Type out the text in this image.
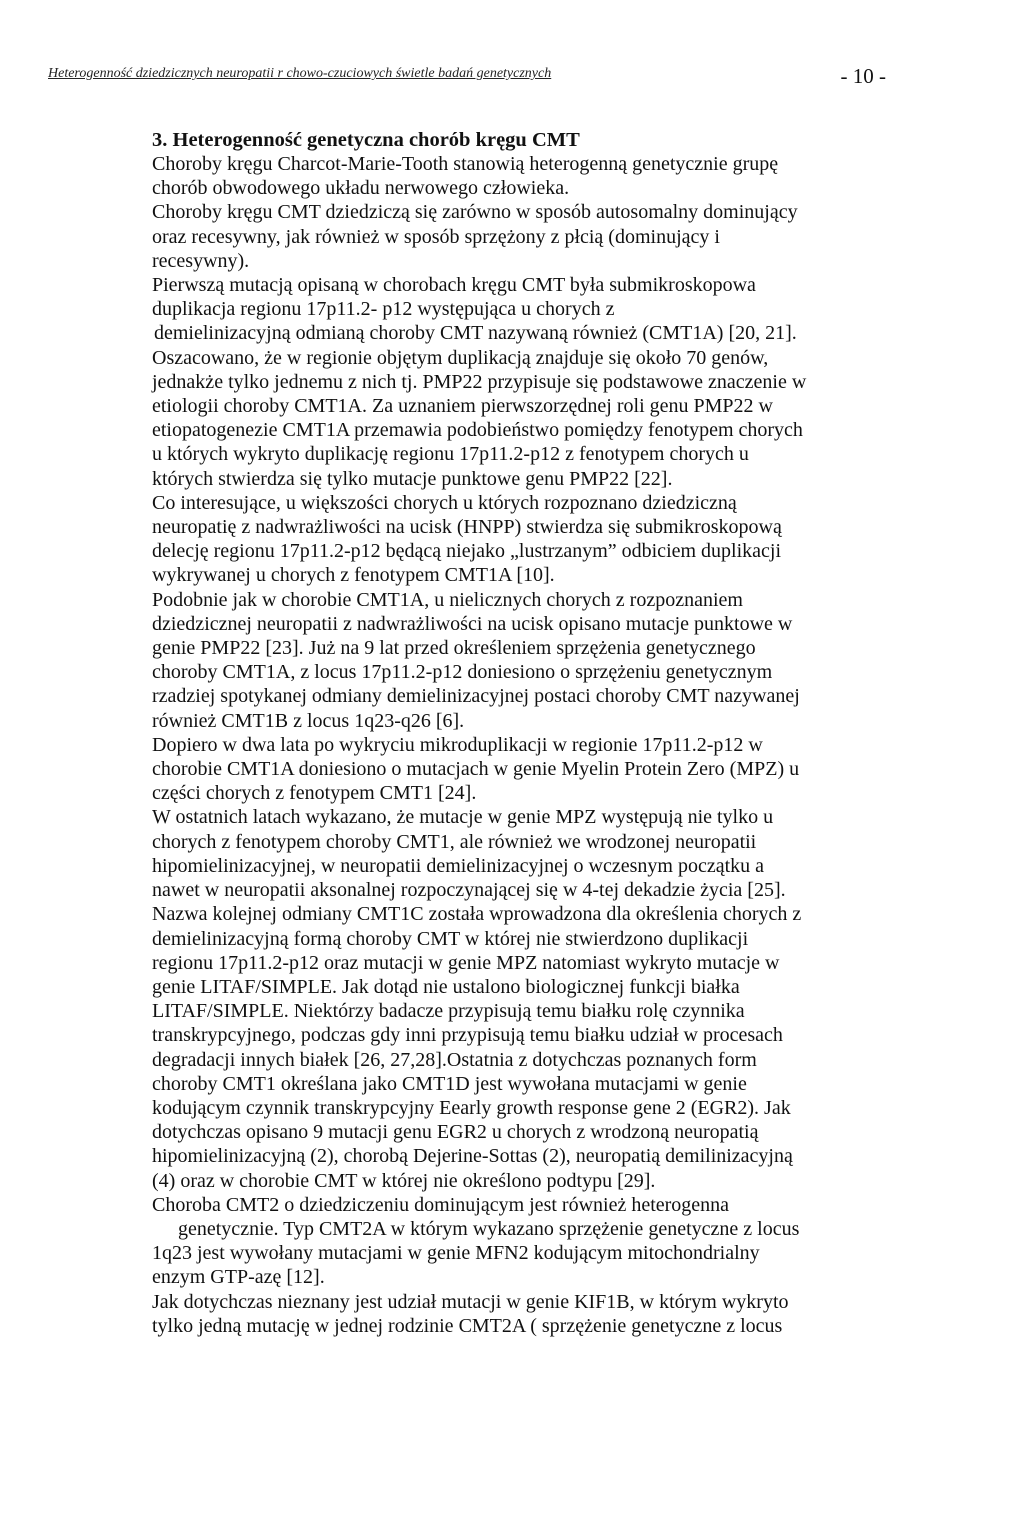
Heterogenność dziedzicznych neuropatii r chowo-czuciowych świetle badań genetycznych	- 10 -

3. Heterogenność genetyczna chorób kręgu CMT

Choroby kręgu Charcot-Marie-Tooth stanowią heterogenną genetycznie grupę

chorób obwodowego układu nerwowego człowieka.

Choroby kręgu CMT dziedziczą się zarówno w sposób autosomalny dominujący

oraz recesywny, jak również w sposób sprzężony z płcią (dominujący i

recesywny).

Pierwszą mutacją opisaną w chorobach kręgu CMT była submikroskopowa

duplikacja regionu 17p11.2- p12 występująca u chorych z

demielinizacyjną odmianą choroby CMT nazywaną również (CMT1A) [20, 21].

Oszacowano, że w regionie objętym duplikacją znajduje się około 70 genów,

jednakże tylko jednemu z nich tj. PMP22 przypisuje się podstawowe znaczenie w

etiologii choroby CMT1A. Za uznaniem pierwszorzędnej roli genu PMP22 w

etiopatogenezie CMT1A przemawia podobieństwo pomiędzy fenotypem chorych

u których wykryto duplikację regionu 17p11.2-p12 z fenotypem chorych u

których stwierdza się tylko mutacje punktowe genu PMP22 [22].

Co interesujące, u większości chorych u których rozpoznano dziedziczną

neuropatię z nadwrażliwości na ucisk (HNPP) stwierdza się submikroskopową

delecję regionu 17p11.2-p12 będącą niejako „lustrzanym” odbiciem duplikacji

wykrywanej u chorych z fenotypem CMT1A [10].

Podobnie jak w chorobie CMT1A, u nielicznych chorych z rozpoznaniem

dziedzicznej neuropatii z nadwrażliwości na ucisk opisano mutacje punktowe w

genie PMP22 [23]. Już na 9 lat przed określeniem sprzężenia genetycznego

choroby CMT1A, z locus 17p11.2-p12 doniesiono o sprzężeniu genetycznym

rzadziej spotykanej odmiany demielinizacyjnej postaci choroby CMT nazywanej

również CMT1B z locus 1q23-q26 [6].

Dopiero w dwa lata po wykryciu mikroduplikacji w regionie 17p11.2-p12 w

chorobie CMT1A doniesiono o mutacjach w genie Myelin Protein Zero (MPZ) u

części chorych z fenotypem CMT1 [24].

W ostatnich latach wykazano, że mutacje w genie MPZ występują nie tylko u

chorych z fenotypem choroby CMT1, ale również we wrodzonej neuropatii

hipomielinizacyjnej, w neuropatii demielinizacyjnej o wczesnym początku a

nawet w neuropatii aksonalnej rozpoczynającej się w 4-tej dekadzie życia [25].

Nazwa kolejnej odmiany CMT1C została wprowadzona dla określenia chorych z

demielinizacyjną formą choroby CMT w której nie stwierdzono duplikacji

regionu 17p11.2-p12 oraz mutacji w genie MPZ natomiast wykryto mutacje w

genie LITAF/SIMPLE. Jak dotąd nie ustalono biologicznej funkcji białka

LITAF/SIMPLE. Niektórzy badacze przypisują temu białku rolę czynnika

transkrypcyjnego, podczas gdy inni przypisują temu białku udział w procesach

degradacji innych białek [26, 27,28].Ostatnia z dotychczas poznanych form

choroby CMT1 określana jako CMT1D jest wywołana mutacjami w genie

kodującym czynnik transkrypcyjny Eearly growth response gene 2 (EGR2). Jak

dotychczas opisano 9 mutacji genu EGR2 u chorych z wrodzoną neuropatią

hipomielinizacyjną (2), chorobą Dejerine-Sottas (2), neuropatią demilinizacyjną

(4) oraz w chorobie CMT w której nie określono podtypu [29].

Choroba CMT2 o dziedziczeniu dominującym jest również heterogenna

genetycznie. Typ CMT2A w którym wykazano sprzężenie genetyczne z locus

1q23 jest wywołany mutacjami w genie MFN2 kodującym mitochondrialny

enzym GTP-azę [12].

Jak dotychczas nieznany jest udział mutacji w genie KIF1B, w którym wykryto

tylko jedną mutację w jednej rodzinie CMT2A ( sprzężenie genetyczne z locus
